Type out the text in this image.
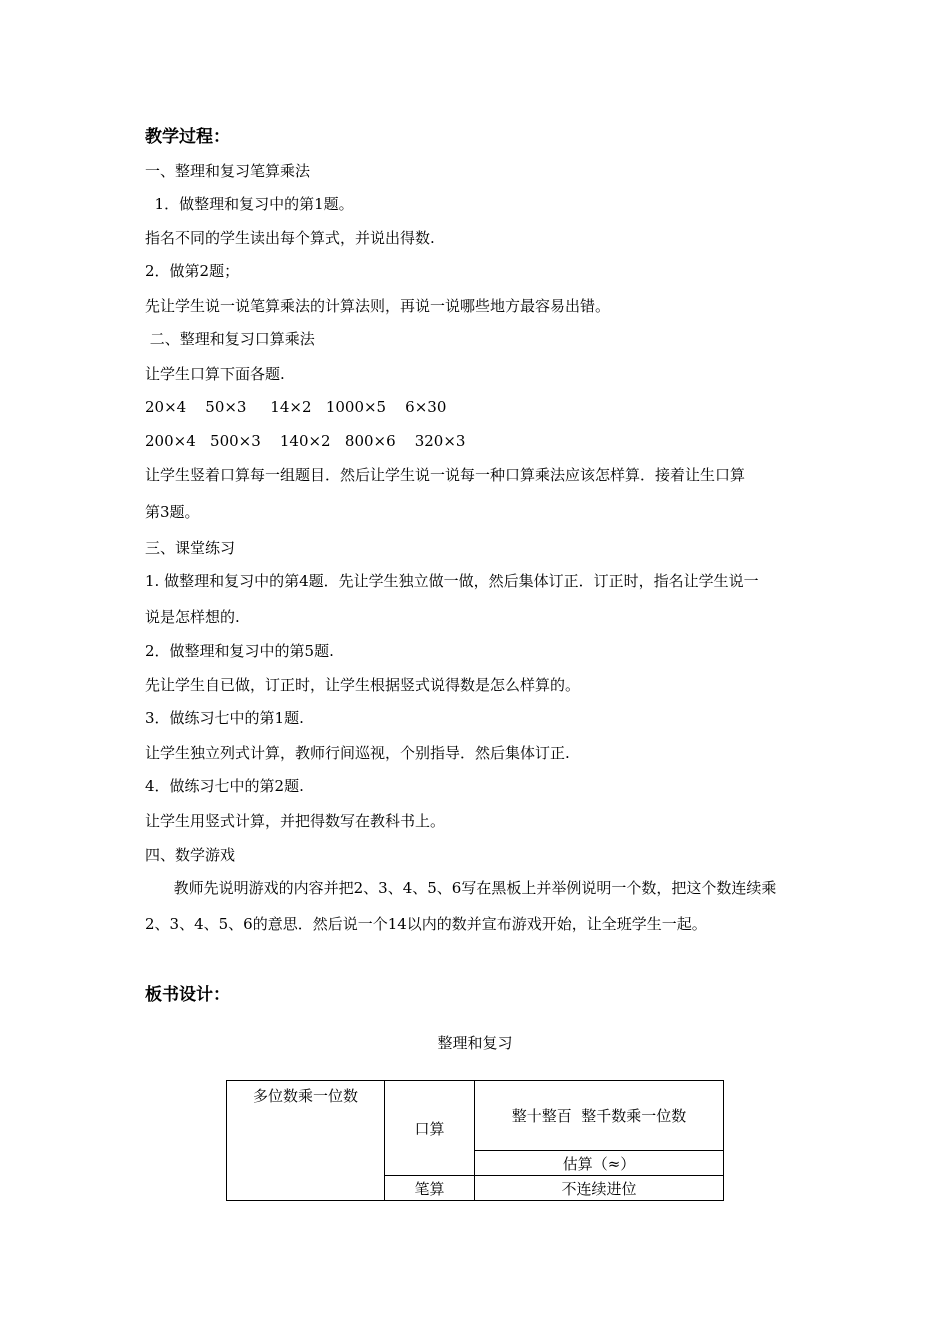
教学过程：
一、整理和复习笔算乘法
1．做整理和复习中的第1题。
指名不同的学生读出每个算式，并说出得数.
2．做第2题；
先让学生说一说笔算乘法的计算法则，再说一说哪些地方最容易出错。
二、整理和复习口算乘法
让学生口算下面各题.
20×4    50×3     14×2   1000×5    6×30
200×4   500×3    140×2   800×6    320×3
让学生竖着口算每一组题目．然后让学生说一说每一种口算乘法应该怎样算．接着让生口算
第3题。
三、课堂练习
1. 做整理和复习中的第4题．先让学生独立做一做，然后集体订正．订正时，指名让学生说一
说是怎样想的.
2．做整理和复习中的第5题.
先让学生自已做，订正时，让学生根据竖式说得数是怎么样算的。
3．做练习七中的第1题.
让学生独立列式计算，教师行间巡视，个别指导．然后集体订正.
4．做练习七中的第2题.
让学生用竖式计算，并把得数写在教科书上。
四、数学游戏
教师先说明游戏的内容并把2、3、4、5、6写在黑板上并举例说明一个数，把这个数连续乘
2、3、4、5、6的意思．然后说一个14以内的数并宣布游戏开始，让全班学生一起。
板书设计：
整理和复习
多位数乘一位数	口算	整十整百  整千数乘一位数
		估算（≈）
	笔算	不连续进位
